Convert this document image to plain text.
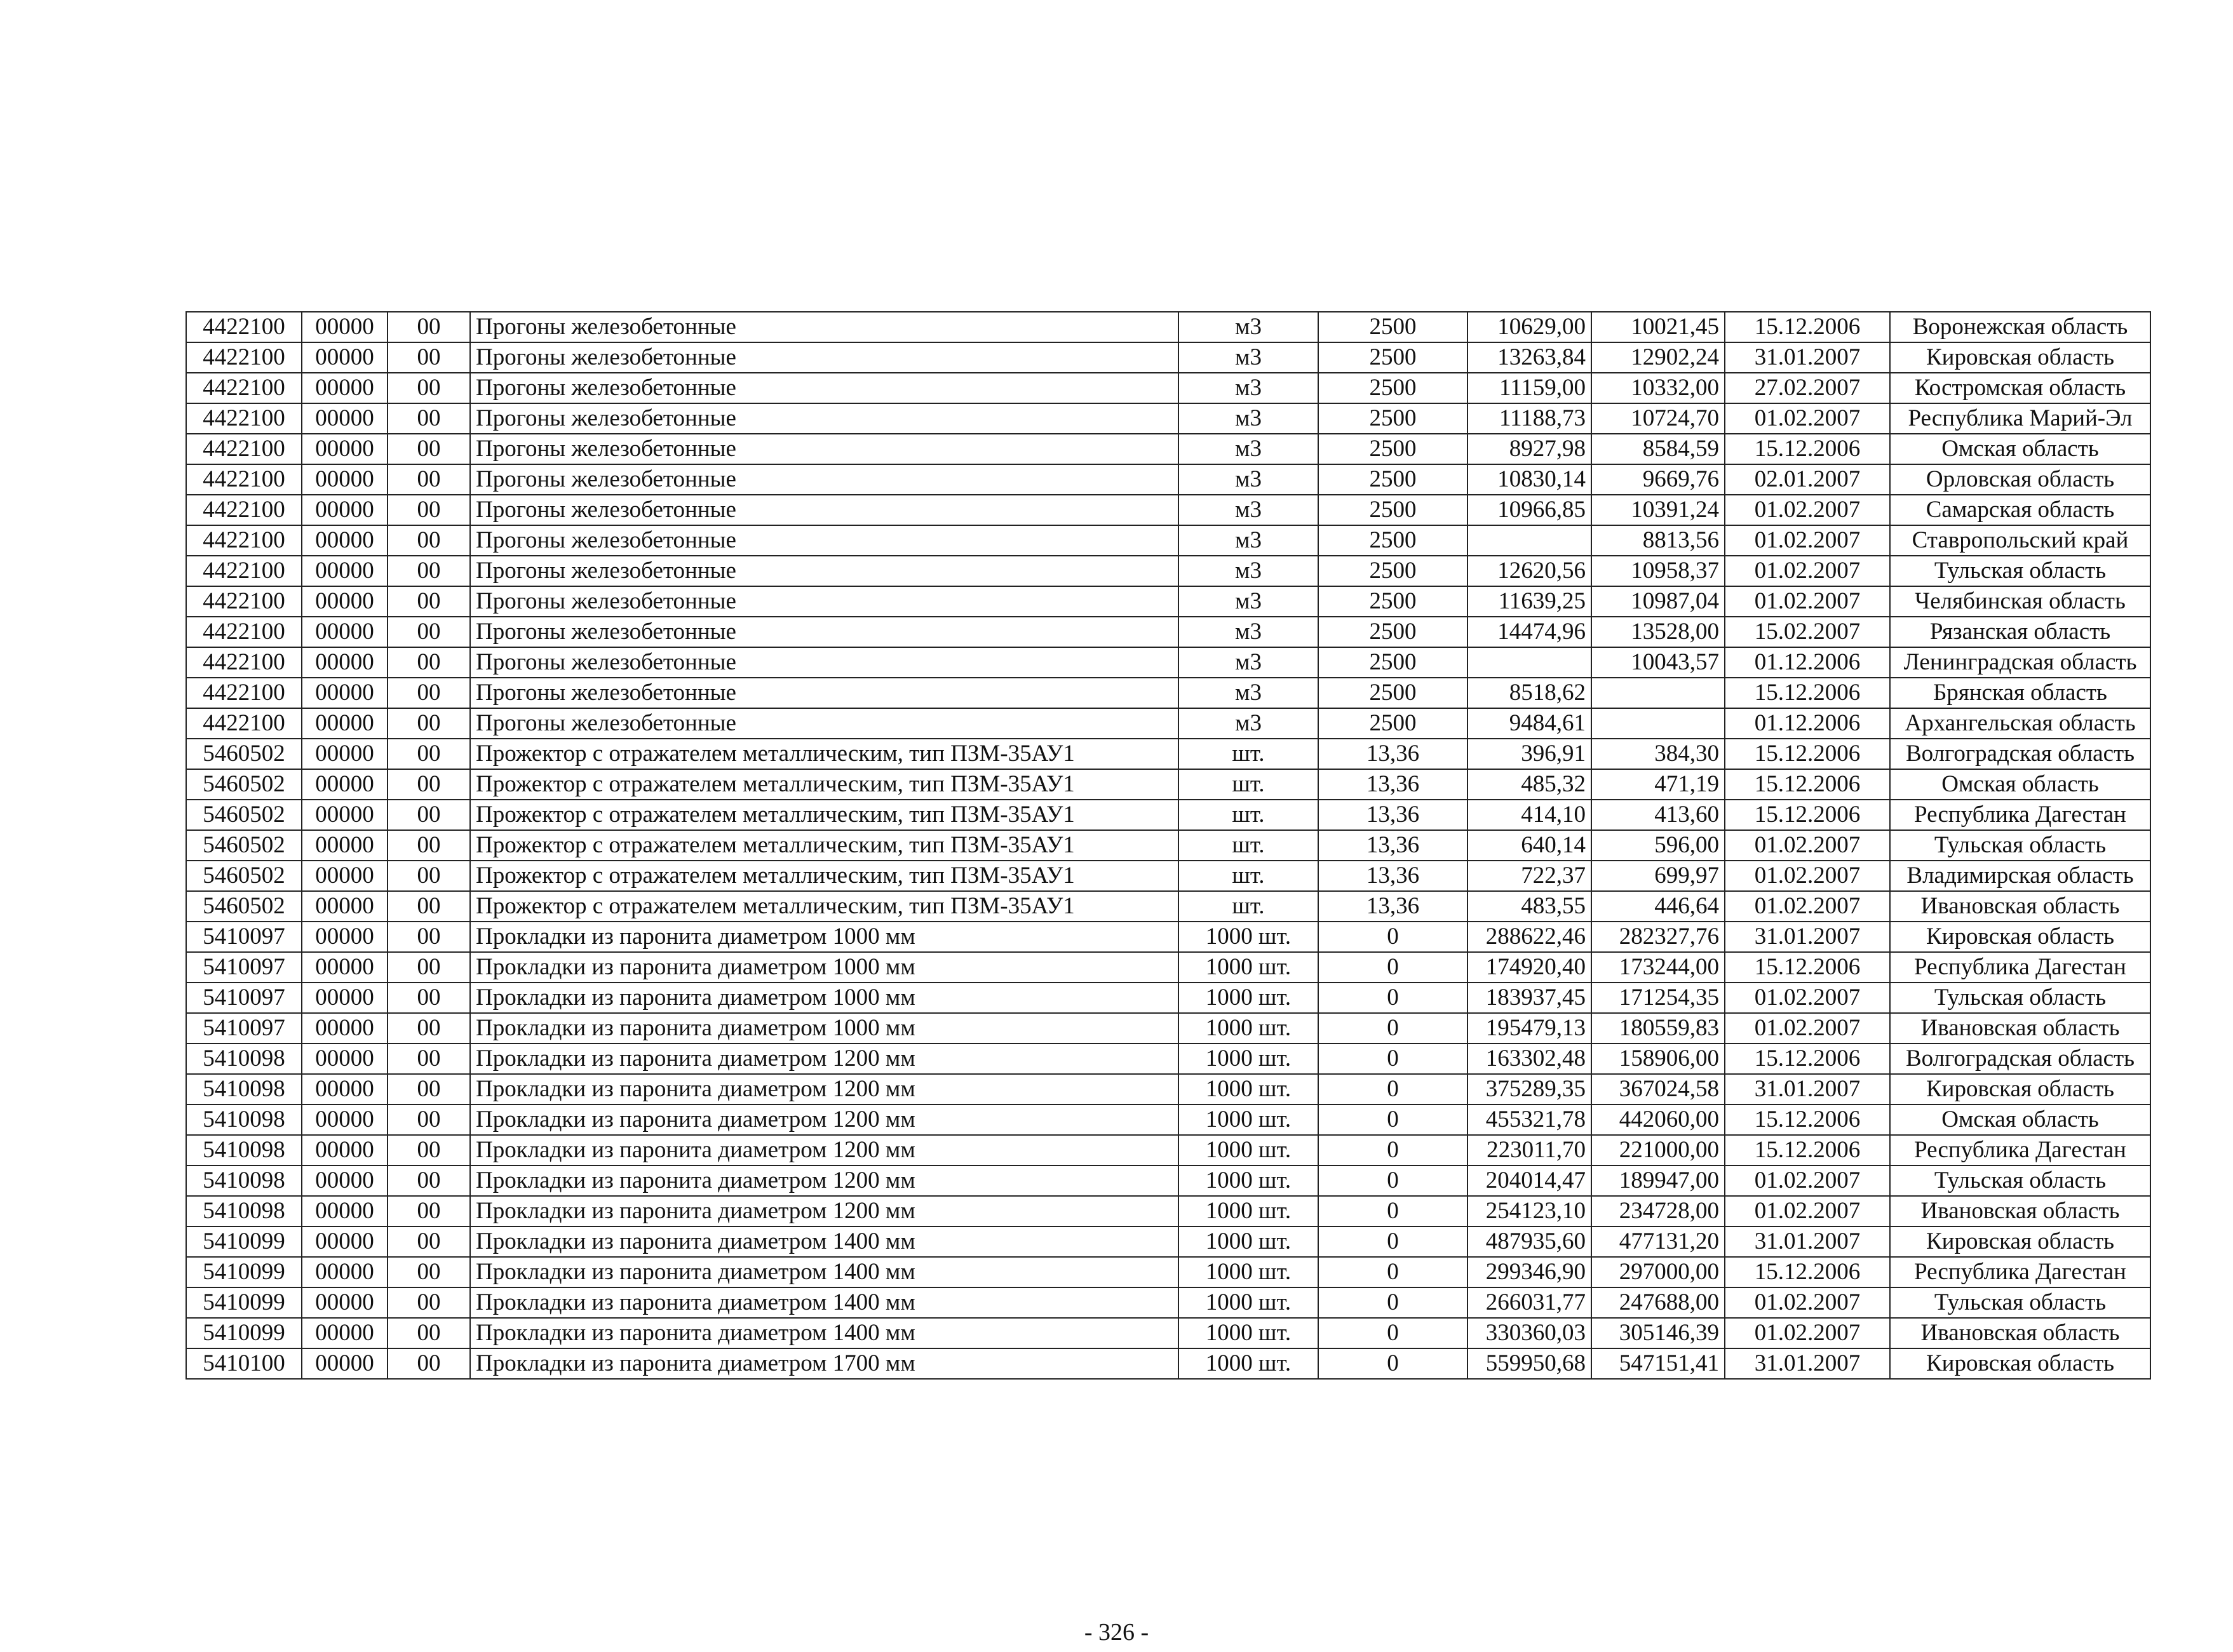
4422100	00000	00	Прогоны железобетонные	м3	2500	10629,00	10021,45	15.12.2006	Воронежская область
4422100	00000	00	Прогоны железобетонные	м3	2500	13263,84	12902,24	31.01.2007	Кировская область
4422100	00000	00	Прогоны железобетонные	м3	2500	11159,00	10332,00	27.02.2007	Костромская область
4422100	00000	00	Прогоны железобетонные	м3	2500	11188,73	10724,70	01.02.2007	Республика Марий-Эл
4422100	00000	00	Прогоны железобетонные	м3	2500	8927,98	8584,59	15.12.2006	Омская область
4422100	00000	00	Прогоны железобетонные	м3	2500	10830,14	9669,76	02.01.2007	Орловская область
4422100	00000	00	Прогоны железобетонные	м3	2500	10966,85	10391,24	01.02.2007	Самарская область
4422100	00000	00	Прогоны железобетонные	м3	2500		8813,56	01.02.2007	Ставропольский край
4422100	00000	00	Прогоны железобетонные	м3	2500	12620,56	10958,37	01.02.2007	Тульская область
4422100	00000	00	Прогоны железобетонные	м3	2500	11639,25	10987,04	01.02.2007	Челябинская область
4422100	00000	00	Прогоны железобетонные	м3	2500	14474,96	13528,00	15.02.2007	Рязанская область
4422100	00000	00	Прогоны железобетонные	м3	2500		10043,57	01.12.2006	Ленинградская область
4422100	00000	00	Прогоны железобетонные	м3	2500	8518,62		15.12.2006	Брянская область
4422100	00000	00	Прогоны железобетонные	м3	2500	9484,61		01.12.2006	Архангельская область
5460502	00000	00	Прожектор с отражателем металлическим, тип ПЗМ-35АУ1	шт.	13,36	396,91	384,30	15.12.2006	Волгоградская область
5460502	00000	00	Прожектор с отражателем металлическим, тип ПЗМ-35АУ1	шт.	13,36	485,32	471,19	15.12.2006	Омская область
5460502	00000	00	Прожектор с отражателем металлическим, тип ПЗМ-35АУ1	шт.	13,36	414,10	413,60	15.12.2006	Республика Дагестан
5460502	00000	00	Прожектор с отражателем металлическим, тип ПЗМ-35АУ1	шт.	13,36	640,14	596,00	01.02.2007	Тульская область
5460502	00000	00	Прожектор с отражателем металлическим, тип ПЗМ-35АУ1	шт.	13,36	722,37	699,97	01.02.2007	Владимирская область
5460502	00000	00	Прожектор с отражателем металлическим, тип ПЗМ-35АУ1	шт.	13,36	483,55	446,64	01.02.2007	Ивановская область
5410097	00000	00	Прокладки из паронита диаметром 1000 мм	1000 шт.	0	288622,46	282327,76	31.01.2007	Кировская область
5410097	00000	00	Прокладки из паронита диаметром 1000 мм	1000 шт.	0	174920,40	173244,00	15.12.2006	Республика Дагестан
5410097	00000	00	Прокладки из паронита диаметром 1000 мм	1000 шт.	0	183937,45	171254,35	01.02.2007	Тульская область
5410097	00000	00	Прокладки из паронита диаметром 1000 мм	1000 шт.	0	195479,13	180559,83	01.02.2007	Ивановская область
5410098	00000	00	Прокладки из паронита диаметром 1200 мм	1000 шт.	0	163302,48	158906,00	15.12.2006	Волгоградская область
5410098	00000	00	Прокладки из паронита диаметром 1200 мм	1000 шт.	0	375289,35	367024,58	31.01.2007	Кировская область
5410098	00000	00	Прокладки из паронита диаметром 1200 мм	1000 шт.	0	455321,78	442060,00	15.12.2006	Омская область
5410098	00000	00	Прокладки из паронита диаметром 1200 мм	1000 шт.	0	223011,70	221000,00	15.12.2006	Республика Дагестан
5410098	00000	00	Прокладки из паронита диаметром 1200 мм	1000 шт.	0	204014,47	189947,00	01.02.2007	Тульская область
5410098	00000	00	Прокладки из паронита диаметром 1200 мм	1000 шт.	0	254123,10	234728,00	01.02.2007	Ивановская область
5410099	00000	00	Прокладки из паронита диаметром 1400 мм	1000 шт.	0	487935,60	477131,20	31.01.2007	Кировская область
5410099	00000	00	Прокладки из паронита диаметром 1400 мм	1000 шт.	0	299346,90	297000,00	15.12.2006	Республика Дагестан
5410099	00000	00	Прокладки из паронита диаметром 1400 мм	1000 шт.	0	266031,77	247688,00	01.02.2007	Тульская область
5410099	00000	00	Прокладки из паронита диаметром 1400 мм	1000 шт.	0	330360,03	305146,39	01.02.2007	Ивановская область
5410100	00000	00	Прокладки из паронита диаметром 1700 мм	1000 шт.	0	559950,68	547151,41	31.01.2007	Кировская область
- 326 -
